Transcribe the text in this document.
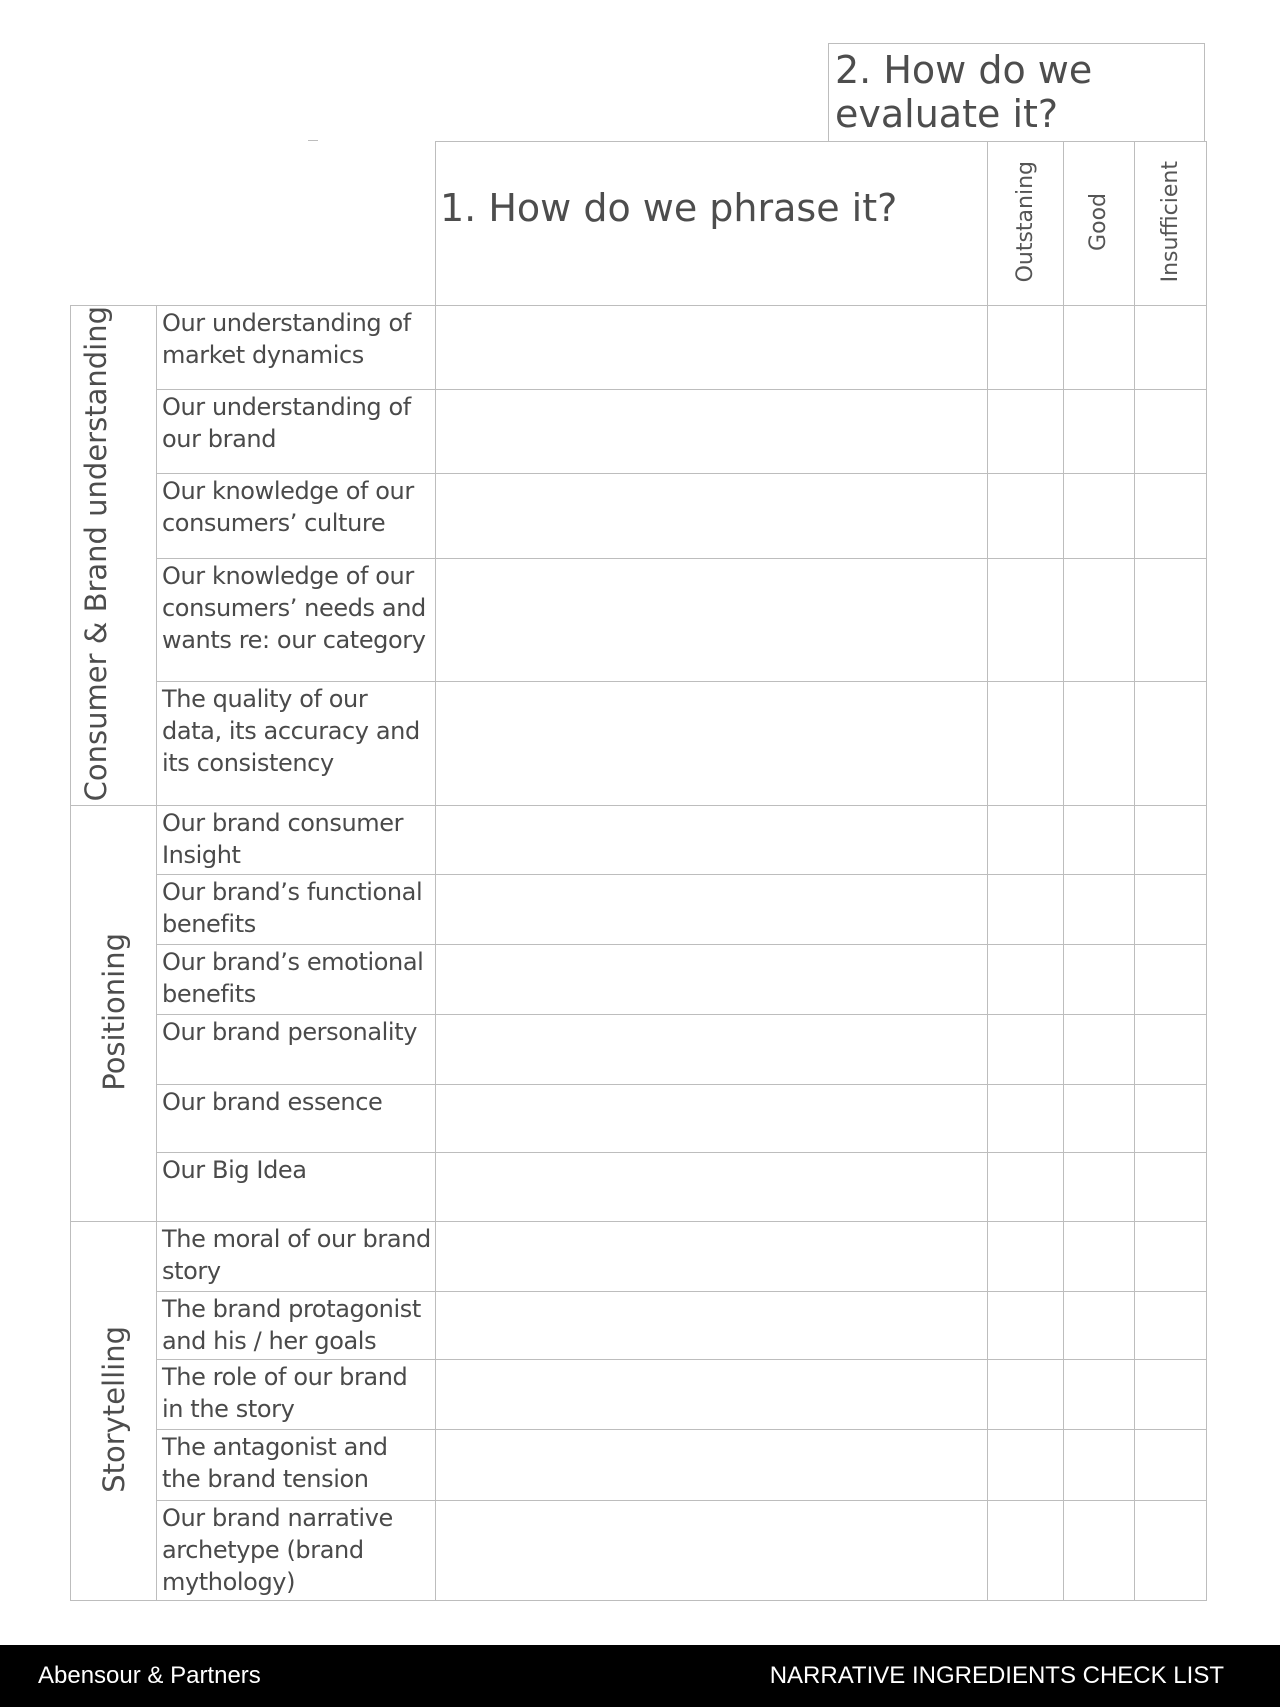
2. How do we evaluate it?
		1. How do we phrase it?	Outstaning	Good	Insufficient
Consumer & Brand understanding	Our understanding of market dynamics				
	Our understanding of our brand				
	Our knowledge of our consumers’ culture				
	Our knowledge of our consumers’ needs and wants re: our category				
	The quality of our data, its accuracy and its consistency				
Positioning	Our brand consumer Insight				
	Our brand’s functional benefits				
	Our brand’s emotional benefits				
	Our brand personality				
	Our brand essence				
	Our Big Idea				
Storytelling	The moral of our brand story				
	The brand protagonist and his / her goals				
	The role of our brand in the story				
	The antagonist and the brand tension				
	Our brand narrative archetype (brand mythology)				
Abensour & Partners	NARRATIVE INGREDIENTS CHECK LIST
